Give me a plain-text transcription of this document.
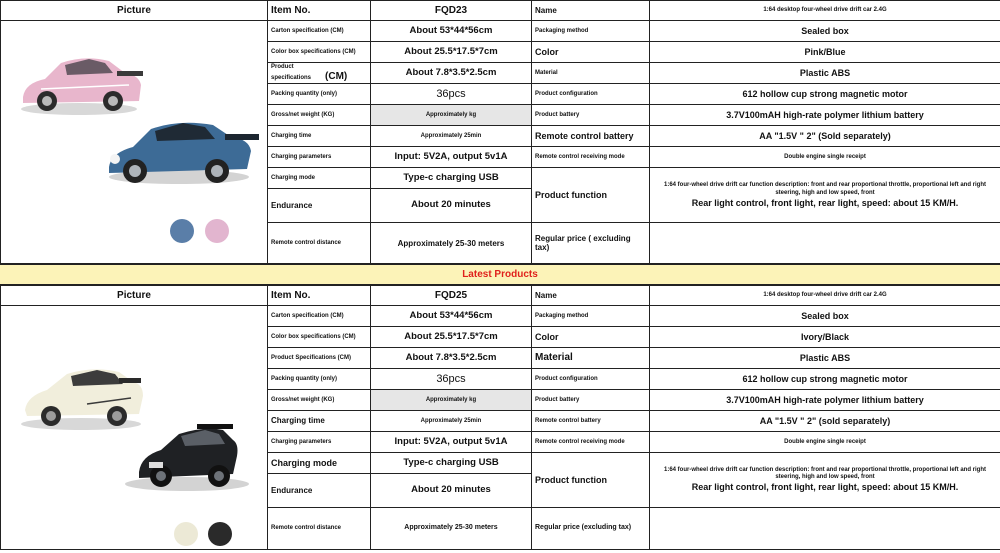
Picture	Item No.	FQD23	Name	1:64 desktop four-wheel drive drift car 2.4G

	Carton specification (CM)	About 53*44*56cm	Packaging method	Sealed box
	Color box specifications (CM)	About 25.5*17.5*7cm	Color	Pink/Blue
	Product specifications (CM)	About 7.8*3.5*2.5cm	Material	Plastic ABS
	Packing quantity (only)	36pcs	Product configuration	612 hollow cup strong magnetic motor
	Gross/net weight (KG)	Approximately kg	Product battery	3.7V100mAH high-rate polymer lithium battery
	Charging time	Approximately 25min	Remote control battery	AA "1.5V " 2" (Sold separately)
	Charging parameters	Input: 5V2A, output 5v1A	Remote control receiving mode	Double engine single receipt
	Charging mode	Type-c charging USB	Product function	1:64 four-wheel drive drift car function description: front and rear proportional throttle, proportional left and right steering, high and low speed, front
Rear light control, front light, rear light, speed: about 15 KM/H.

	Endurance	About 20 minutes		
	Remote control distance	Approximately 25-30 meters	Regular price ( excluding tax)	
Latest Products
Picture	Item No.	FQD25	Name	1:64 desktop four-wheel drive drift car 2.4G

	Carton specification (CM)	About 53*44*56cm	Packaging method	Sealed box
	Color box specifications (CM)	About 25.5*17.5*7cm	Color	Ivory/Black
	Product Specifications (CM)	About 7.8*3.5*2.5cm	Material	Plastic ABS
	Packing quantity (only)	36pcs	Product configuration	612 hollow cup strong magnetic motor
	Gross/net weight (KG)	Approximately kg	Product battery	3.7V100mAH high-rate polymer lithium battery
	Charging time	Approximately 25min	Remote control battery	AA "1.5V " 2" (sold separately)
	Charging parameters	Input: 5V2A, output 5v1A	Remote control receiving mode	Double engine single receipt
	Charging mode	Type-c charging USB	Product function	1:64 four-wheel drive drift car function description: front and rear proportional throttle, proportional left and right steering, high and low speed, front
Rear light control, front light, rear light, speed: about 15 KM/H.

	Endurance	About 20 minutes		
	Remote control distance	Approximately 25-30 meters	Regular price (excluding tax)	
